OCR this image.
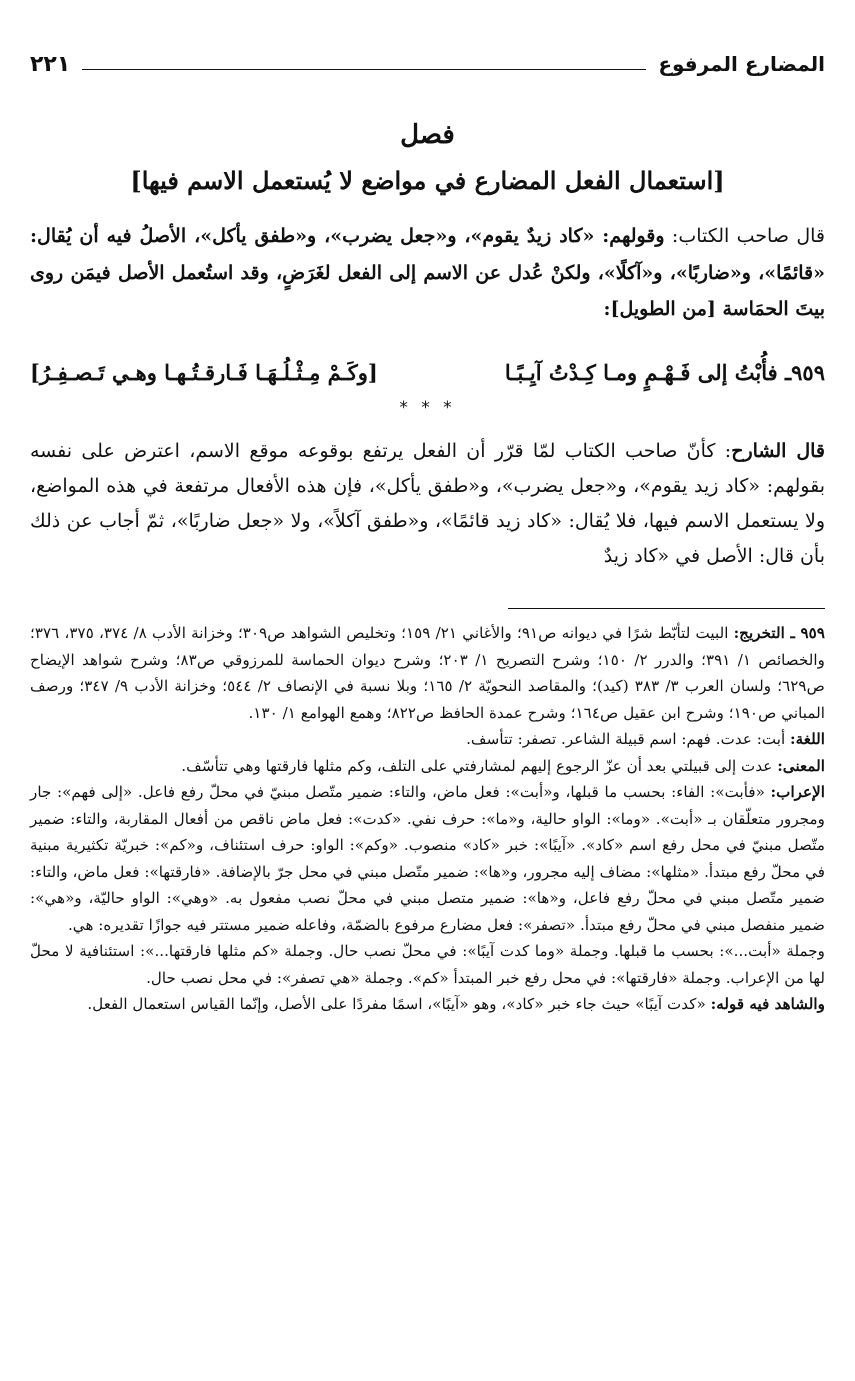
المضارع المرفوع
٢٢١
فصل
[استعمال الفعل المضارع في مواضع لا يُستعمل الاسم فيها]

قال صاحب الكتاب: وقولهم: «كاد زيدٌ يقوم»، و«جعل يضرب»، و«طفق يأكل»، الأصلُ فيه أن يُقال: «قائمًا»، و«ضاربًا»، و«آكلًا»، ولكنْ عُدل عن الاسم إلى الفعل لغَرَضٍ، وقد استُعمل الأصل فيمَن روى بيتَ الحمَاسة [من الطويل]:

٩٥٩ـ فأُبْتُ إلى فَـهْـمٍ ومـا كِـدْتُ آيِـبًـا
[وكَـمْ مِـثْـلُـهَـا فَـارقـتُـهـا وهـي تَـصـفِـرُ]
* * *

قال الشارح: كأنّ صاحب الكتاب لمّا قرّر أن الفعل يرتفع بوقوعه موقع الاسم، اعترض على نفسه بقولهم: «كاد زيد يقوم»، و«جعل يضرب»، و«طفق يأكل»، فإن هذه الأفعال مرتفعة في هذه المواضع، ولا يستعمل الاسم فيها، فلا يُقال: «كاد زيد قائمًا»، و«طفق آكلاً»، ولا «جعل ضاربًا»، ثمّ أجاب عن ذلك بأن قال: الأصل في «كاد زيدٌ

٩٥٩ ـ التخريج: البيت لتأبّط شرًا في ديوانه ص٩١؛ والأغاني ٢١/ ١٥٩؛ وتخليص الشواهد ص٣٠٩؛ وخزانة الأدب ٨/ ٣٧٤، ٣٧٥، ٣٧٦؛ والخصائص ١/ ٣٩١؛ والدرر ٢/ ١٥٠؛ وشرح التصريح ١/ ٢٠٣؛ وشرح ديوان الحماسة للمرزوقي ص٨٣؛ وشرح شواهد الإيضاح ص٦٢٩؛ ولسان العرب ٣/ ٣٨٣ (كيد)؛ والمقاصد النحويّة ٢/ ١٦٥؛ وبلا نسبة في الإنصاف ٢/ ٥٤٤؛ وخزانة الأدب ٩/ ٣٤٧؛ ورصف المباني ص١٩٠؛ وشرح ابن عقيل ص١٦٤؛ وشرح عمدة الحافظ ص٨٢٢؛ وهمع الهوامع ١/ ١٣٠.

اللغة: أبت: عدت. فهم: اسم قبيلة الشاعر. تصفر: تتأسف.

المعنى: عدت إلى قبيلتي بعد أن عزّ الرجوع إليهم لمشارفتي على التلف، وكم مثلها فارقتها وهي تتأسّف.

الإعراب: «فأبت»: الفاء: بحسب ما قبلها، و«أبت»: فعل ماض، والتاء: ضمير متّصل مبنيّ في محلّ رفع فاعل. «إلى فهم»: جار ومجرور متعلّقان بـ «أبت». «وما»: الواو حالية، و«ما»: حرف نفي. «كدت»: فعل ماض ناقص من أفعال المقاربة، والتاء: ضمير متّصل مبنيّ في محل رفع اسم «كاد». «آيبًا»: خبر «كاد» منصوب. «وكم»: الواو: حرف استئناف، و«كم»: خبريّة تكثيرية مبنية في محلّ رفع مبتدأ. «مثلها»: مضاف إليه مجرور، و«ها»: ضمير متّصل مبني في محل جرّ بالإضافة. «فارقتها»: فعل ماض، والتاء: ضمير متّصل مبني في محلّ رفع فاعل، و«ها»: ضمير متصل مبني في محلّ نصب مفعول به. «وهي»: الواو حاليّة، و«هي»: ضمير منفصل مبني في محلّ رفع مبتدأ. «تصفر»: فعل مضارع مرفوع بالضمّة، وفاعله ضمير مستتر فيه جوازًا تقديره: هي.

وجملة «أبت...»: بحسب ما قبلها. وجملة «وما كدت آيبًا»: في محلّ نصب حال. وجملة «كم مثلها فارقتها...»: استئنافية لا محلّ لها من الإعراب. وجملة «فارقتها»: في محل رفع خبر المبتدأ «كم». وجملة «هي تصفر»: في محل نصب حال.

والشاهد فيه قوله: «كدت آيبًا» حيث جاء خبر «كاد»، وهو «آيبًا»، اسمًا مفردًا على الأصل، وإنّما القياس استعمال الفعل.
